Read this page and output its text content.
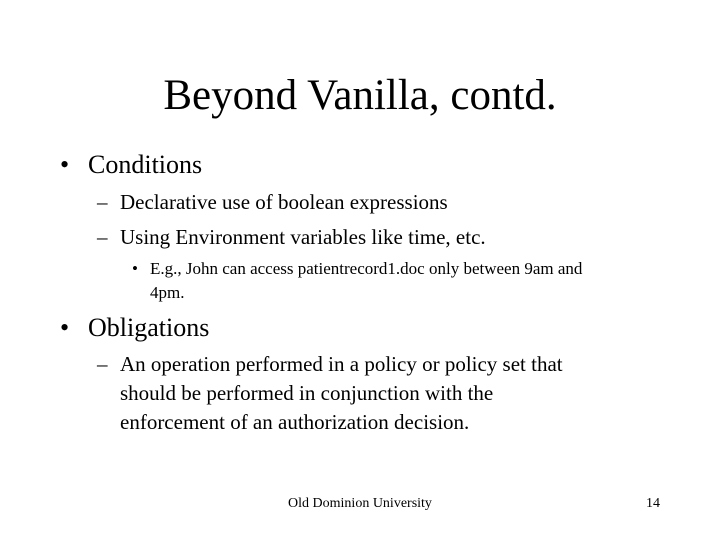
Beyond Vanilla, contd.
• Conditions
– Declarative use of boolean expressions
– Using Environment variables like time, etc.
• E.g., John can access patientrecord1.doc only between 9am and
4pm.
• Obligations
– An operation performed in a policy or policy set that
should be performed in conjunction with the
enforcement of an authorization decision.
Old Dominion University	14
